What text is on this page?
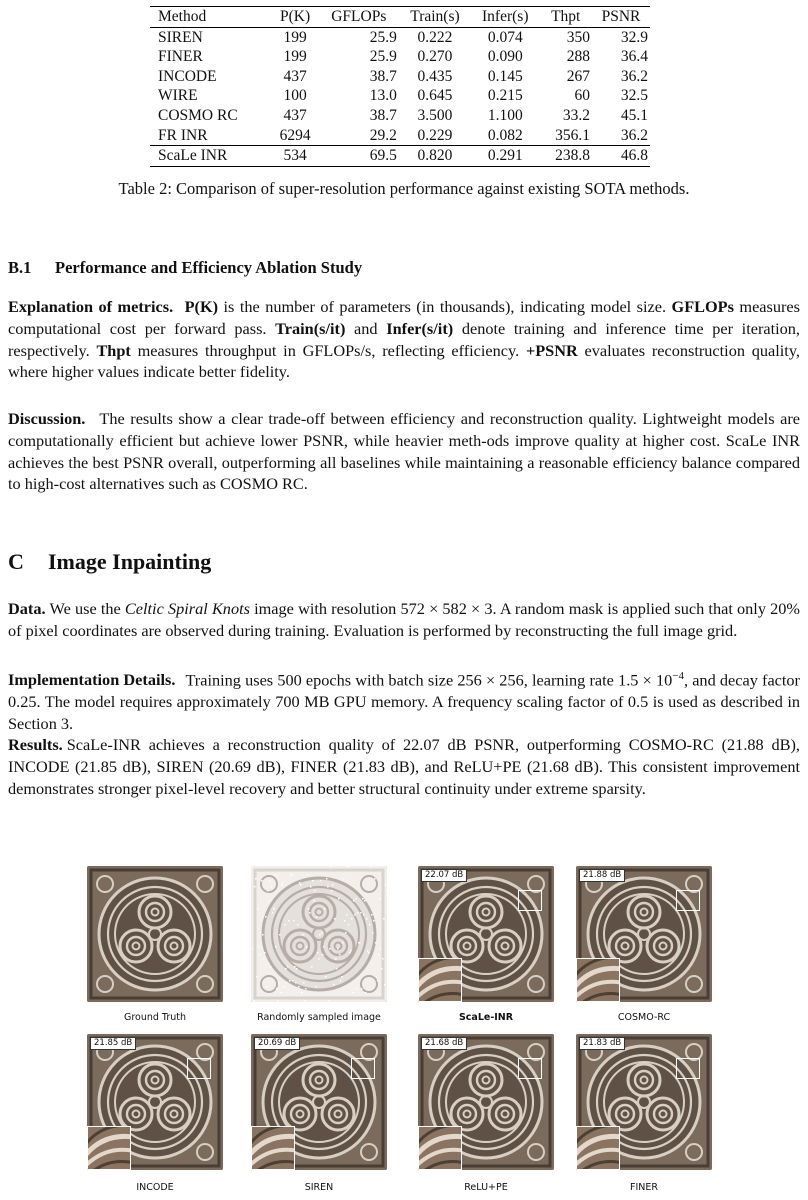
Method	P(K)	GFLOPs	Train(s)	Infer(s)	Thpt	PSNR
SIREN	199	25.9	0.222	0.074	350	32.9
FINER	199	25.9	0.270	0.090	288	36.4
INCODE	437	38.7	0.435	0.145	267	36.2
WIRE	100	13.0	0.645	0.215	60	32.5
COSMO RC	437	38.7	3.500	1.100	33.2	45.1
FR INR	6294	29.2	0.229	0.082	356.1	36.2
ScaLe INR	534	69.5	0.820	0.291	238.8	46.8
Table 2: Comparison of super-resolution performance against existing SOTA methods.
B.1 Performance and Efficiency Ablation Study
Explanation of metrics. P(K) is the number of parameters (in thousands), indicating model size. GFLOPs measures computational cost per forward pass. Train(s/it) and Infer(s/it) denote training and inference time per iteration, respectively. Thpt measures throughput in GFLOPs/s, reflecting efficiency. +PSNR evaluates reconstruction quality, where higher values indicate better fidelity.
Discussion. The results show a clear trade-off between efficiency and reconstruction quality. Lightweight models are computationally efficient but achieve lower PSNR, while heavier meth-ods improve quality at higher cost. ScaLe INR achieves the best PSNR overall, outperforming all baselines while maintaining a reasonable efficiency balance compared to high-cost alternatives such as COSMO RC.
C Image Inpainting
Data. We use the Celtic Spiral Knots image with resolution 572 × 582 × 3. A random mask is applied such that only 20% of pixel coordinates are observed during training. Evaluation is performed by reconstructing the full image grid.
Implementation Details. Training uses 500 epochs with batch size 256 × 256, learning rate $1.5 \times 10^{-4}$, and decay factor 0.25. The model requires approximately 700 MB GPU memory. A frequency scaling factor of 0.5 is used as described in Section 3.
Results. ScaLe-INR achieves a reconstruction quality of 22.07 dB PSNR, outperforming COSMO-RC (21.88 dB), INCODE (21.85 dB), SIREN (20.69 dB), FINER (21.83 dB), and ReLU+PE (21.68 dB). This consistent improvement demonstrates stronger pixel-level recovery and better structural continuity under extreme sparsity.
Ground Truth	Randomly sampled image
22.07 dB
ScaLe-INR
21.88 dB
COSMO-RC
21.85 dB
INCODE
20.69 dB
SIREN
21.68 dB
ReLU+PE
21.83 dB
FINER
